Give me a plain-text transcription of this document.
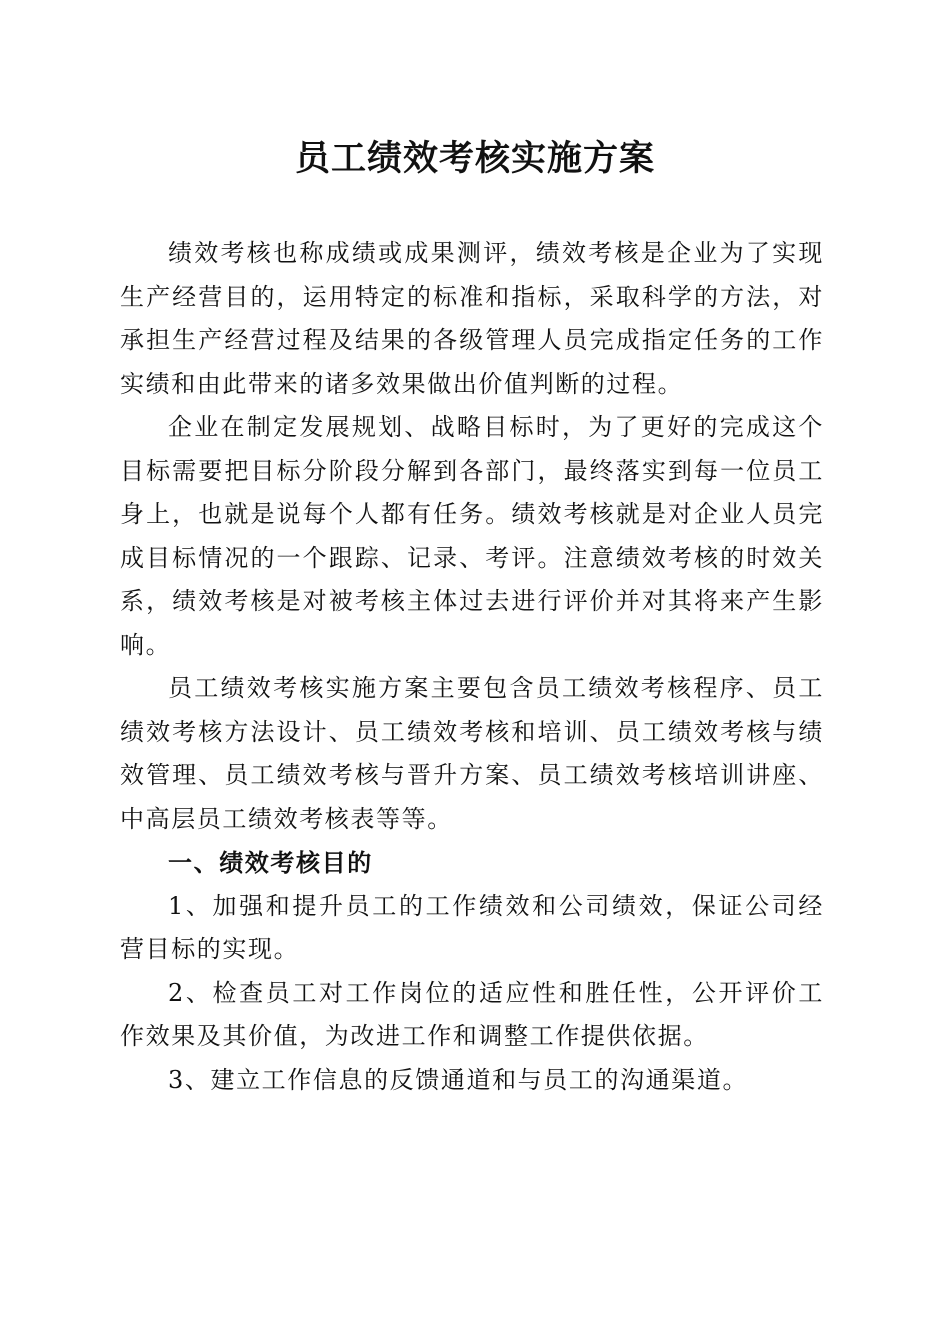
员工绩效考核实施方案

绩效考核也称成绩或成果测评，绩效考核是企业为了实现生产经营目的，运用特定的标准和指标，采取科学的方法，对承担生产经营过程及结果的各级管理人员完成指定任务的工作实绩和由此带来的诸多效果做出价值判断的过程。

企业在制定发展规划、战略目标时，为了更好的完成这个目标需要把目标分阶段分解到各部门，最终落实到每一位员工身上，也就是说每个人都有任务。绩效考核就是对企业人员完成目标情况的一个跟踪、记录、考评。注意绩效考核的时效关系，绩效考核是对被考核主体过去进行评价并对其将来产生影响。

员工绩效考核实施方案主要包含员工绩效考核程序、员工绩效考核方法设计、员工绩效考核和培训、员工绩效考核与绩效管理、员工绩效考核与晋升方案、员工绩效考核培训讲座、中高层员工绩效考核表等等。

一、绩效考核目的

1、加强和提升员工的工作绩效和公司绩效，保证公司经营目标的实现。

2、检查员工对工作岗位的适应性和胜任性，公开评价工作效果及其价值，为改进工作和调整工作提供依据。

3、建立工作信息的反馈通道和与员工的沟通渠道。
